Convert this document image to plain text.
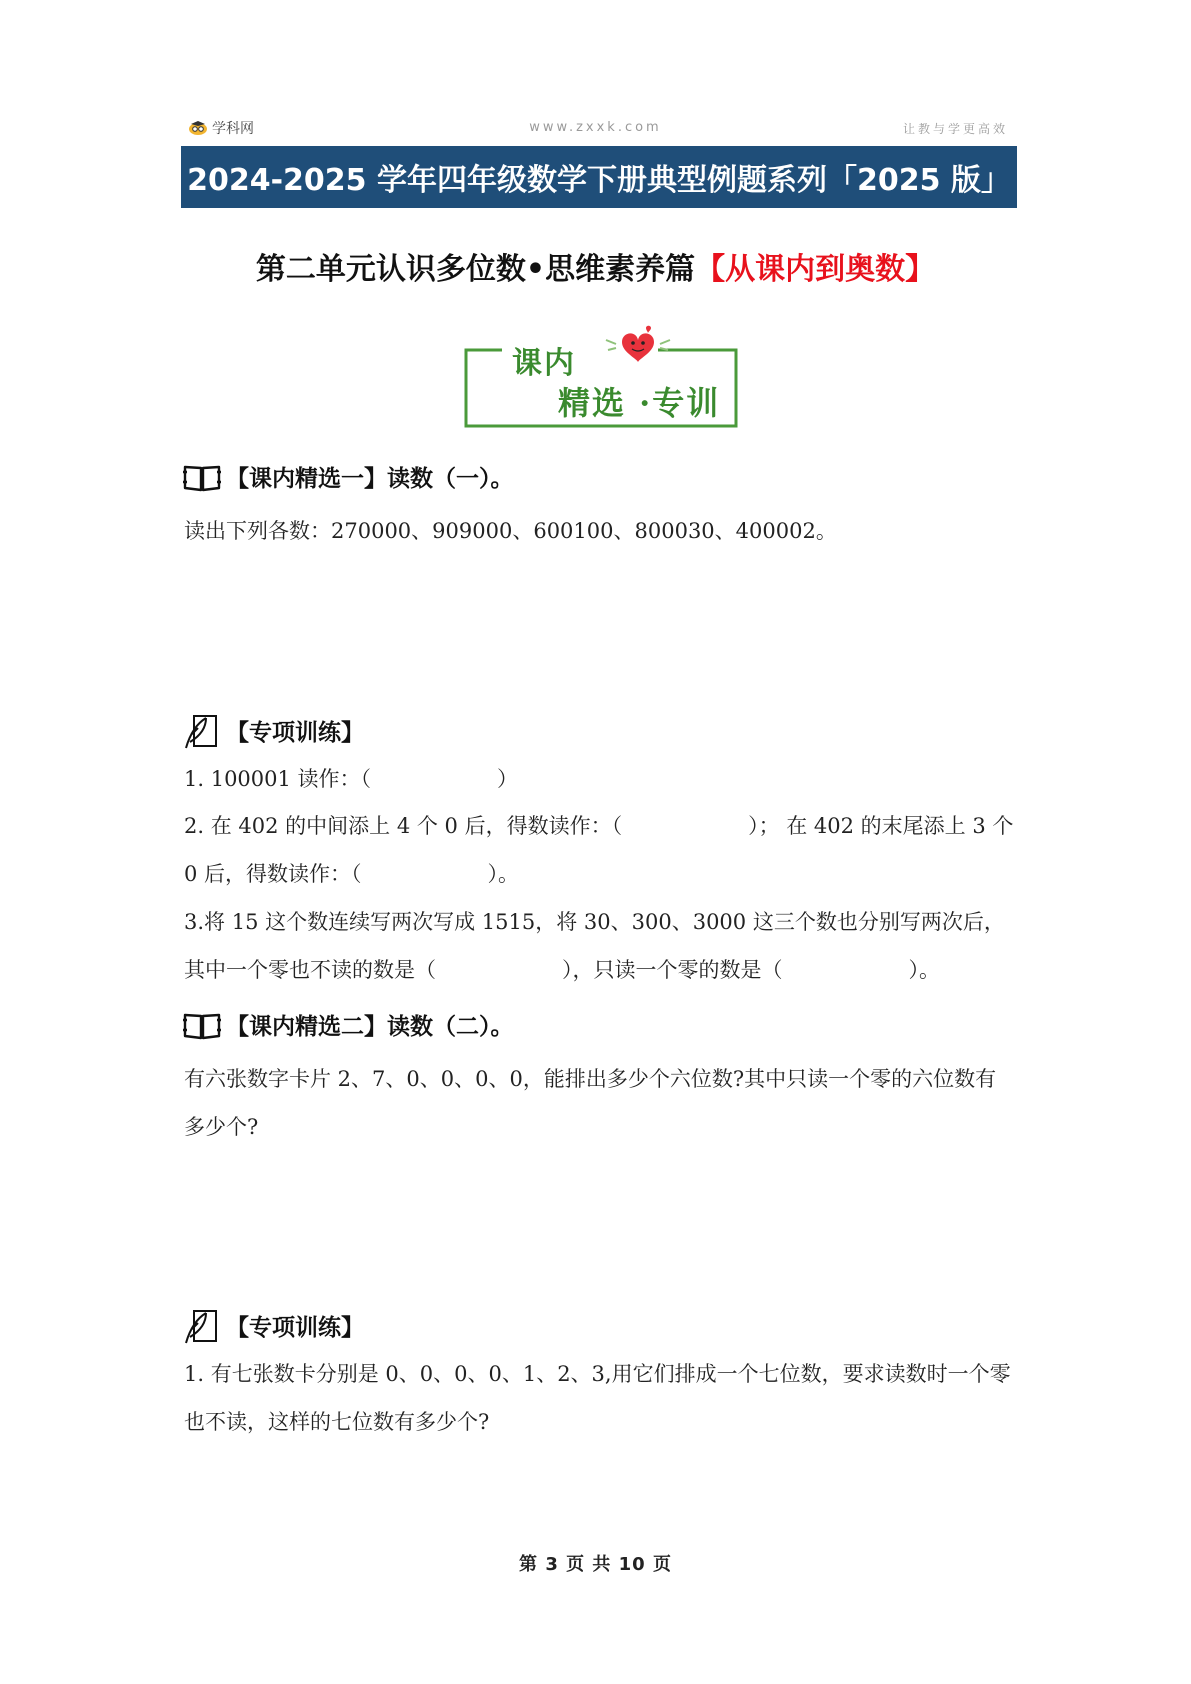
学科网	www.zxxk.com	让教与学更高效
2024-2025 学年四年级数学下册典型例题系列「2025 版」
第二单元认识多位数•思维素养篇【从课内到奥数】
课内
精选 ·专训
【课内精选一】读数（一）。
读出下列各数：270000、909000、600100、800030、400002。
【专项训练】
1. 100001 读作：（　　　　　　）
2. 在 402 的中间添上 4 个 0 后，得数读作：（　　　　　　）； 在 402 的末尾添上 3 个 0 后，得数读作：（　　　　　　）。
3.将 15 这个数连续写两次写成 1515，将 30、300、3000 这三个数也分别写两次后，其中一个零也不读的数是（　　　　　　），只读一个零的数是（　　　　　　）。
【课内精选二】读数（二）。
有六张数字卡片 2、7、0、0、0、0，能排出多少个六位数?其中只读一个零的六位数有多少个?
【专项训练】
1. 有七张数卡分别是 0、0、0、0、1、2、3,用它们排成一个七位数，要求读数时一个零也不读，这样的七位数有多少个?
第 3 页 共 10 页
